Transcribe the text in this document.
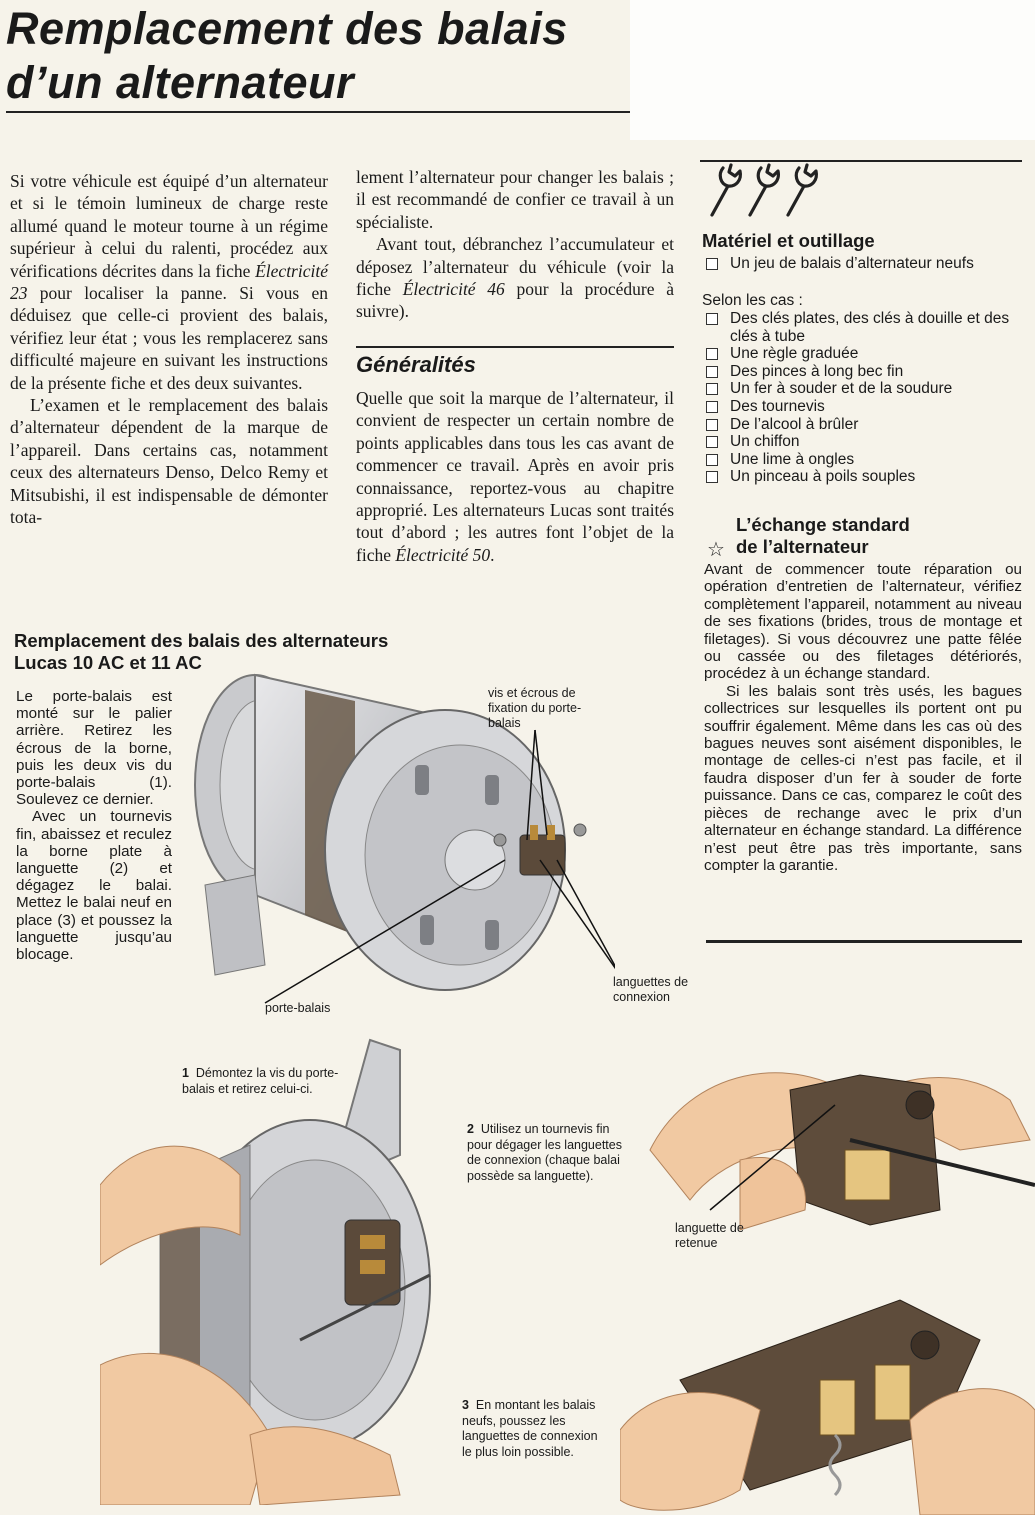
Remplacement des balais
d’un alternateur

Si votre véhicule est équipé d’un alternateur et si le témoin lumineux de charge reste allumé quand le moteur tourne à un régime supérieur à celui du ralenti, procédez aux vérifications décrites dans la fiche Électricité 23 pour localiser la panne. Si vous en déduisez que celle-ci provient des balais, vérifiez leur état ; vous les remplacerez sans difficulté majeure en suivant les instructions de la présente fiche et des deux suivantes.

L’examen et le remplacement des balais d’alternateur dépendent de la marque de l’appareil. Dans certains cas, notamment ceux des alternateurs Denso, Delco Remy et Mitsubishi, il est indispensable de démonter tota-

lement l’alternateur pour changer les balais ; il est recommandé de confier ce travail à un spécialiste.

Avant tout, débranchez l’accumulateur et déposez l’alternateur du véhicule (voir la fiche Électricité 46 pour la procédure à suivre).

Généralités

Quelle que soit la marque de l’alternateur, il convient de respecter un certain nombre de points applicables dans tous les cas avant de commencer ce travail. Après en avoir pris connaissance, reportez-vous au chapitre approprié. Les alternateurs Lucas sont traités tout d’abord ; les autres font l’objet de la fiche Électricité 50.

Matériel et outillage
Un jeu de balais d’alternateur neufs
Selon les cas :
Des clés plates, des clés à douille et des clés à tube
Une règle graduée
Des pinces à long bec fin
Un fer à souder et de la soudure
Des tournevis
De l’alcool à brûler
Un chiffon
Une lime à ongles
Un pinceau à poils souples
☆
L’échange standard
de l’alternateur

Avant de commencer toute réparation ou opération d’entretien de l’alternateur, vérifiez complètement l’appareil, notamment au niveau de ses fixations (brides, trous de montage et filetages). Si vous découvrez une patte fêlée ou cassée ou des filetages détériorés, procédez à un échange standard.

Si les balais sont très usés, les bagues collectrices sur lesquelles ils portent ont pu souffrir également. Même dans les cas où des bagues neuves sont aisément disponibles, le montage de celles-ci n’est pas facile, et il faudra disposer d’un fer à souder de forte puissance. Dans ce cas, comparez le coût des pièces de rechange avec le prix d’un alternateur en échange standard. La différence n’est peut être pas très importante, sans compter la garantie.

Remplacement des balais des alternateurs
Lucas 10 AC et 11 AC

Le porte-balais est monté sur le palier arrière. Retirez les écrous de la borne, puis les deux vis du porte-balais (1). Soulevez ce dernier.

Avec un tournevis fin, abaissez et reculez la borne plate à languette (2) et dégagez le balai. Mettez le balai neuf en place (3) et poussez la languette jusqu’au blocage.

vis et écrous de fixation du porte-balais
porte-balais
languettes de connexion
1 Démontez la vis du porte-balais et retirez celui-ci.
2 Utilisez un tournevis fin pour dégager les languettes de connexion (chaque balai possède sa languette).
3 En montant les balais neufs, poussez les languettes de connexion le plus loin possible.
languette de retenue
